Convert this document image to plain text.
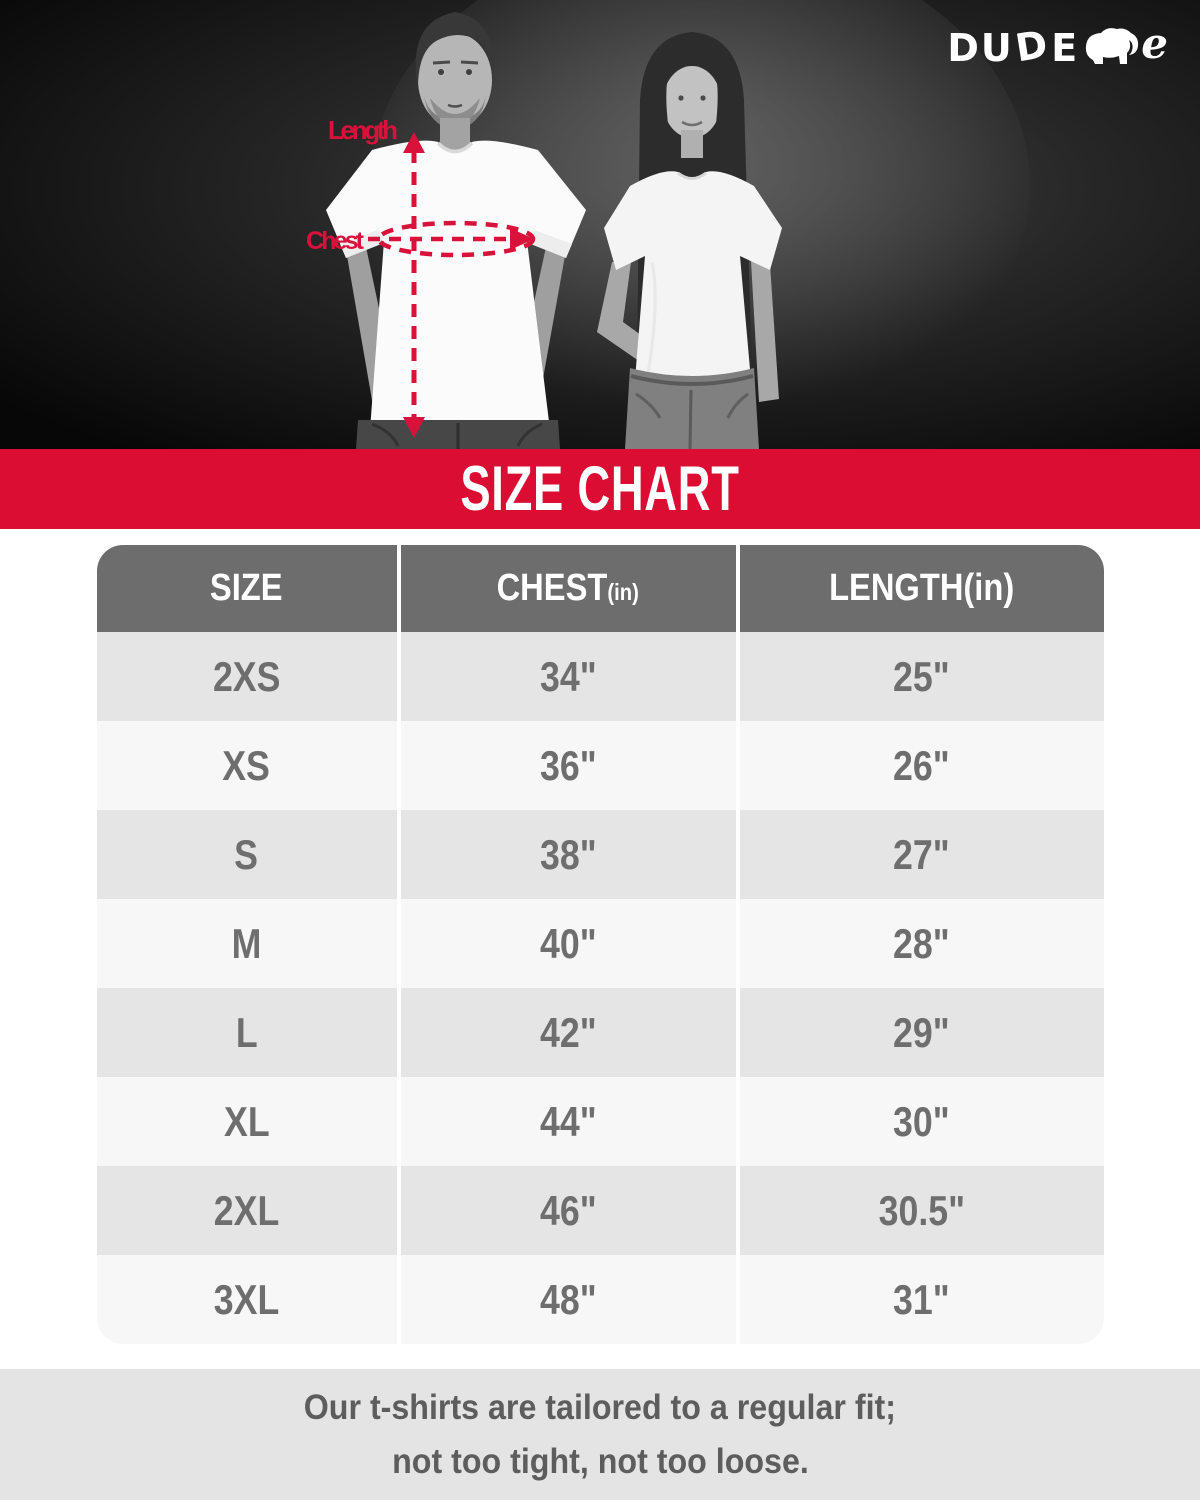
Length
Chest
DU
D E e
SIZE CHART
SIZE	CHEST(in)	LENGTH(in)
2XS	34"	25"
XS	36"	26"
S	38"	27"
M	40"	28"
L	42"	29"
XL	44"	30"
2XL	46"	30.5"
3XL	48"	31"
Our t-shirts are tailored to a regular fit;
not too tight, not too loose.
